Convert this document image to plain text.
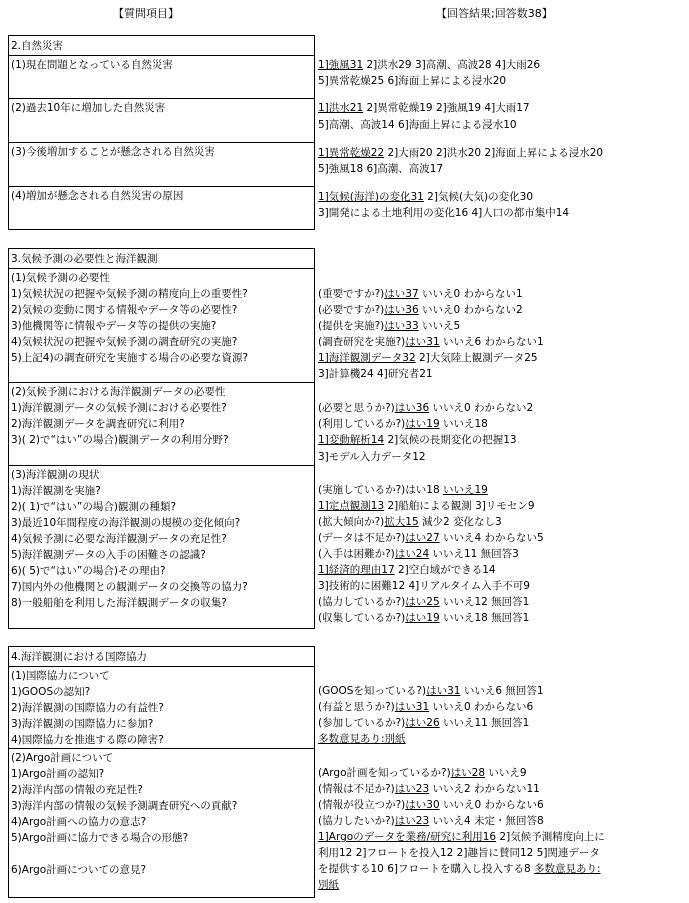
【質問項目】	【回答結果;回答数38】
2.自然災害
(1)現在問題となっている自然災害
(2)過去10年に増加した自然災害
(3)今後増加することが懸念される自然災害
(4)増加が懸念される自然災害の原因
1]強風31 2]洪水29 3]高潮、高波28 4]大雨26
5]異常乾燥25 6]海面上昇による浸水20
1]洪水21 2]異常乾燥19 2]強風19 4]大雨17
5]高潮、高波14 6]海面上昇による浸水10
1]異常乾燥22 2]大雨20 2]洪水20 2]海面上昇による浸水20
5]強風18 6]高潮、高波17
1]気候(海洋)の変化31 2]気候(大気)の変化30
3]開発による土地利用の変化16 4]人口の都市集中14
3.気候予測の必要性と海洋観測
(1)気候予測の必要性
1)気候状況の把握や気候予測の精度向上の重要性?
2)気候の変動に関する情報やデータ等の必要性?
3)他機関等に情報やデータ等の提供の実施?
4)気候状況の把握や気候予測の調査研究の実施?
5)上記4)の調査研究を実施する場合の必要な資源?
(2)気候予測における海洋観測データの必要性
1)海洋観測データの気候予測における必要性?
2)海洋観測データを調査研究に利用?
3)( 2)で“はい”の場合)観測データの利用分野?
(3)海洋観測の現状
1)海洋観測を実施?
2)( 1)で“はい”の場合)観測の種類?
3)最近10年間程度の海洋観測の規模の変化傾向?
4)気候予測に必要な海洋観測データの充足性?
5)海洋観測データの入手の困難さの認識?
6)( 5)で“はい”の場合)その理由?
7)国内外の他機関との観測データの交換等の協力?
8)一般船舶を利用した海洋観測データの収集?
(重要ですか?)はい37 いいえ0 わからない1
(必要ですか?)はい36 いいえ0 わからない2
(提供を実施?)はい33 いいえ5
(調査研究を実施?)はい31 いいえ6 わからない1
1]海洋観測データ32 2]大気陸上観測データ25
3]計算機24 4]研究者21
(必要と思うか?)はい36 いいえ0 わからない2
(利用しているか?)はい19 いいえ18
1]変動解析14 2]気候の長期変化の把握13
3]モデル入力データ12
(実施しているか?)はい18 いいえ19
1]定点観測13 2]船舶による観測 3]リモセン9
(拡大傾向か?)拡大15 減少2 変化なし3
(データは不足か?)はい27 いいえ4 わからない5
(入手は困難か?)はい24 いいえ11 無回答3
1]経済的理由17 2]空白域ができる14
3]技術的に困難12 4]リアルタイム入手不可9
(協力しているか?)はい25 いいえ12 無回答1
(収集しているか?)はい19 いいえ18 無回答1
4.海洋観測における国際協力
(1)国際協力について
1)GOOSの認知?
2)海洋観測の国際協力の有益性?
3)海洋観測の国際協力に参加?
4)国際協力を推進する際の障害?
(2)Argo計画について
1)Argo計画の認知?
2)海洋内部の情報の充足性?
3)海洋内部の情報の気候予測調査研究への貢献?
4)Argo計画への協力の意志?
5)Argo計画に協力できる場合の形態?
6)Argo計画についての意見?
(GOOSを知っている?)はい31 いいえ6 無回答1
(有益と思うか?)はい31 いいえ0 わからない6
(参加しているか?)はい26 いいえ11 無回答1
多数意見あり:別紙
(Argo計画を知っているか?)はい28 いいえ9
(情報は不足か?)はい23 いいえ2 わからない11
(情報が役立つか?)はい30 いいえ0 わからない6
(協力したいか?)はい23 いいえ4 未定・無回答8
1]Argoのデータを業務/研究に利用16 2]気候予測精度向上に
利用12 2]フロートを投入12 2]趣旨に賛同12 5]関連データ
を提供する10 6]フロートを購入し投入する8 多数意見あり:
別紙
